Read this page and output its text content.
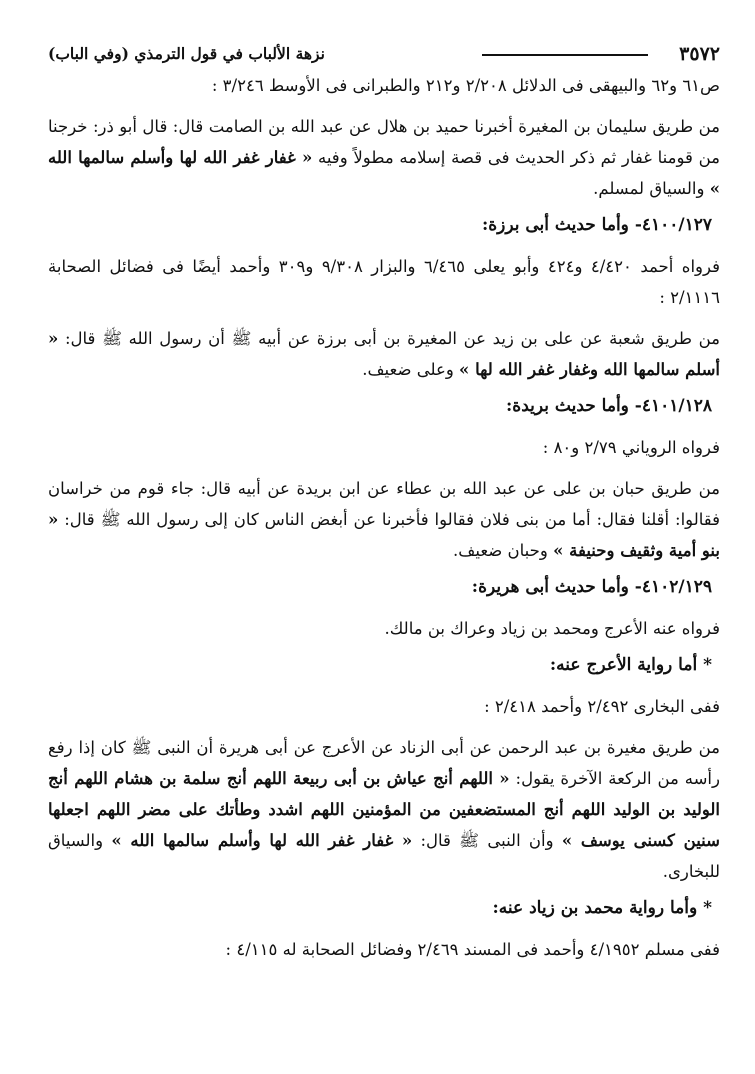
٣٥٧٢
نزهة الألباب في قول الترمذي (وفي الباب)

ص٦١ و٦٢ والبيهقى فى الدلائل ٢/٢٠٨ و٢١٢ والطبرانى فى الأوسط ٣/٢٤٦ :

من طريق سليمان بن المغيرة أخبرنا حميد بن هلال عن عبد الله بن الصامت قال: قال أبو ذر: خرجنا من قومنا غفار ثم ذكر الحديث فى قصة إسلامه مطولاً وفيه « غفار غفر الله لها وأسلم سالمها الله » والسياق لمسلم.

٤١٠٠/١٢٧- وأما حديث أبى برزة:

فرواه أحمد ٤/٤٢٠ و٤٢٤ وأبو يعلى ٦/٤٦٥ والبزار ٩/٣٠٨ و٣٠٩ وأحمد أيضًا فى فضائل الصحابة ٢/١١١٦ :

من طريق شعبة عن على بن زيد عن المغيرة بن أبى برزة عن أبيه ﷺ أن رسول الله ﷺ قال: « أسلم سالمها الله وغفار غفر الله لها » وعلى ضعيف.

٤١٠١/١٢٨- وأما حديث بريدة:

فرواه الروياني ٢/٧٩ و٨٠ :

من طريق حبان بن على عن عبد الله بن عطاء عن ابن بريدة عن أبيه قال: جاء قوم من خراسان فقالوا: أقلنا فقال: أما من بنى فلان فقالوا فأخبرنا عن أبغض الناس كان إلى رسول الله ﷺ قال: « بنو أمية وثقيف وحنيفة » وحبان ضعيف.

٤١٠٢/١٢٩- وأما حديث أبى هريرة:

فرواه عنه الأعرج ومحمد بن زياد وعراك بن مالك.

* أما رواية الأعرج عنه:

ففى البخارى ٢/٤٩٢ وأحمد ٢/٤١٨ :

من طريق مغيرة بن عبد الرحمن عن أبى الزناد عن الأعرج عن أبى هريرة أن النبى ﷺ كان إذا رفع رأسه من الركعة الآخرة يقول: « اللهم أنج عياش بن أبى ربيعة اللهم أنج سلمة بن هشام اللهم أنج الوليد بن الوليد اللهم أنج المستضعفين من المؤمنين اللهم اشدد وطأتك على مضر اللهم اجعلها سنين كسنى يوسف » وأن النبى ﷺ قال: « غفار غفر الله لها وأسلم سالمها الله » والسياق للبخارى.

* وأما رواية محمد بن زياد عنه:

ففى مسلم ٤/١٩٥٢ وأحمد فى المسند ٢/٤٦٩ وفضائل الصحابة له ٤/١١٥ :
